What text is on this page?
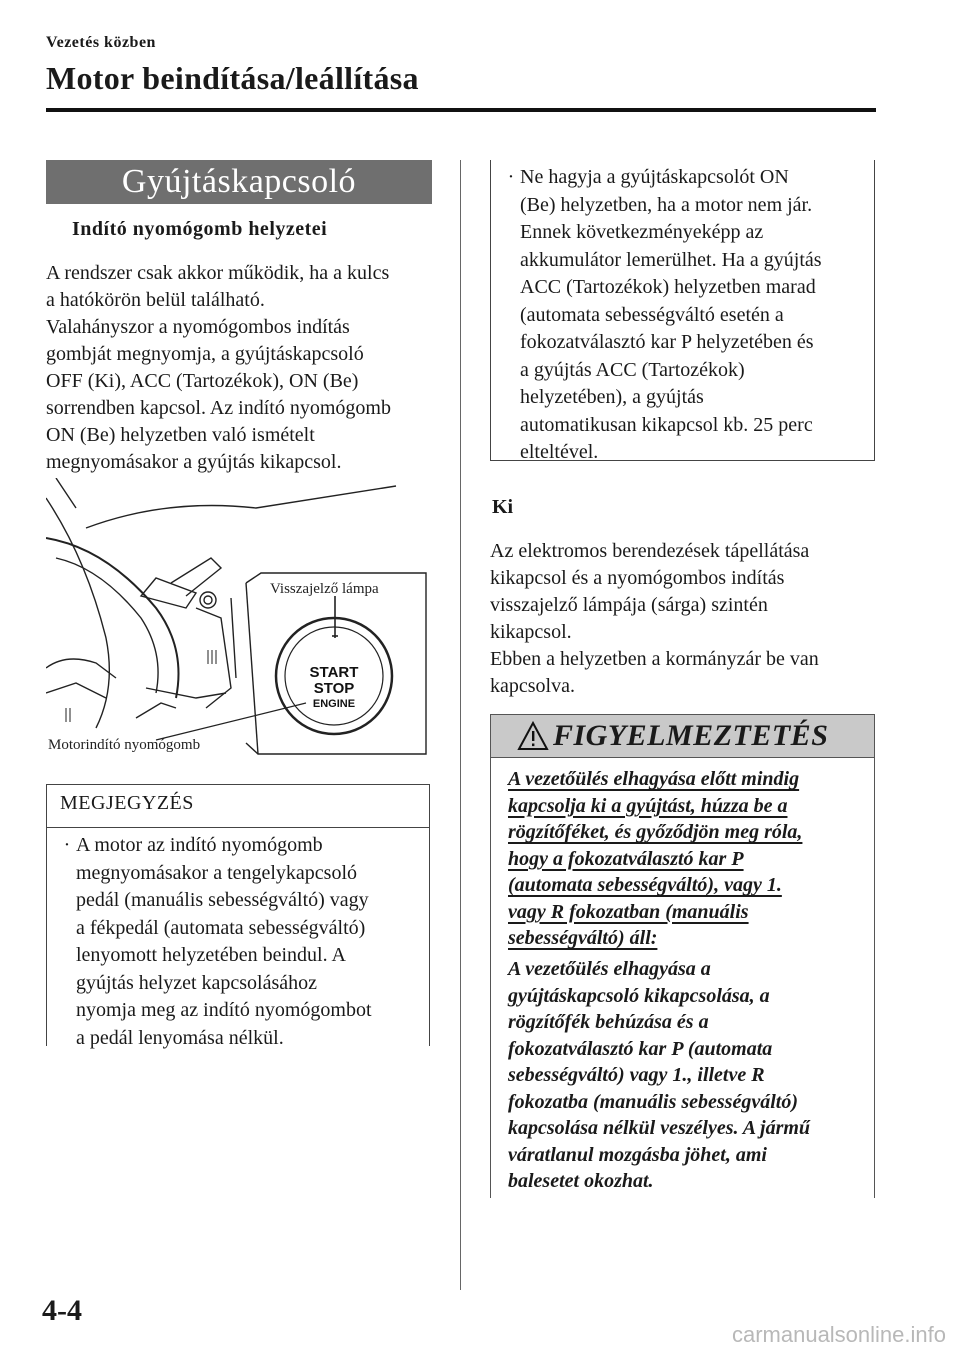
Vezetés közben
Motor beindítása/leállítása
Gyújtáskapcsoló
Indító nyomógomb helyzetei

A rendszer csak akkor működik, ha a kulcs

a hatókörön belül található.

Valahányszor a nyomógombos indítás

gombját megnyomja, a gyújtáskapcsoló

OFF (Ki), ACC (Tartozékok), ON (Be)

sorrendben kapcsol. Az indító nyomógomb

ON (Be) helyzetben való ismételt

megnyomásakor a gyújtás kikapcsol.

START
STOP
ENGINE
Visszajelző lámpa
Motorindító nyomógomb
MEGJEGYZÉS
· A motor az indító nyomógomb
megnyomásakor a tengelykapcsoló
pedál (manuális sebességváltó) vagy
a fékpedál (automata sebességváltó)
lenyomott helyzetében beindul. A
gyújtás helyzet kapcsolásához
nyomja meg az indító nyomógombot
a pedál lenyomása nélkül.
· Ne hagyja a gyújtáskapcsolót ON
(Be) helyzetben, ha a motor nem jár.
Ennek következményeképp az
akkumulátor lemerülhet. Ha a gyújtás
ACC (Tartozékok) helyzetben marad
(automata sebességváltó esetén a
fokozatválasztó kar P helyzetében és
a gyújtás ACC (Tartozékok)
helyzetében), a gyújtás
automatikusan kikapcsol kb. 25 perc
elteltével.
Ki

Az elektromos berendezések tápellátása

kikapcsol és a nyomógombos indítás

visszajelző lámpája (sárga) szintén

kikapcsol.

Ebben a helyzetben a kormányzár be van

kapcsolva.

FIGYELMEZTETÉS
A vezetőülés elhagyása előtt mindig
kapcsolja ki a gyújtást, húzza be a
rögzítőféket, és győződjön meg róla,
hogy a fokozatválasztó kar P
(automata sebességváltó), vagy 1.
vagy R fokozatban (manuális
sebességváltó) áll:
A vezetőülés elhagyása a
gyújtáskapcsoló kikapcsolása, a
rögzítőfék behúzása és a
fokozatválasztó kar P (automata
sebességváltó) vagy 1., illetve R
fokozatba (manuális sebességváltó)
kapcsolása nélkül veszélyes. A jármű
váratlanul mozgásba jöhet, ami
balesetet okozhat.
4-4
carmanualsonline.info
